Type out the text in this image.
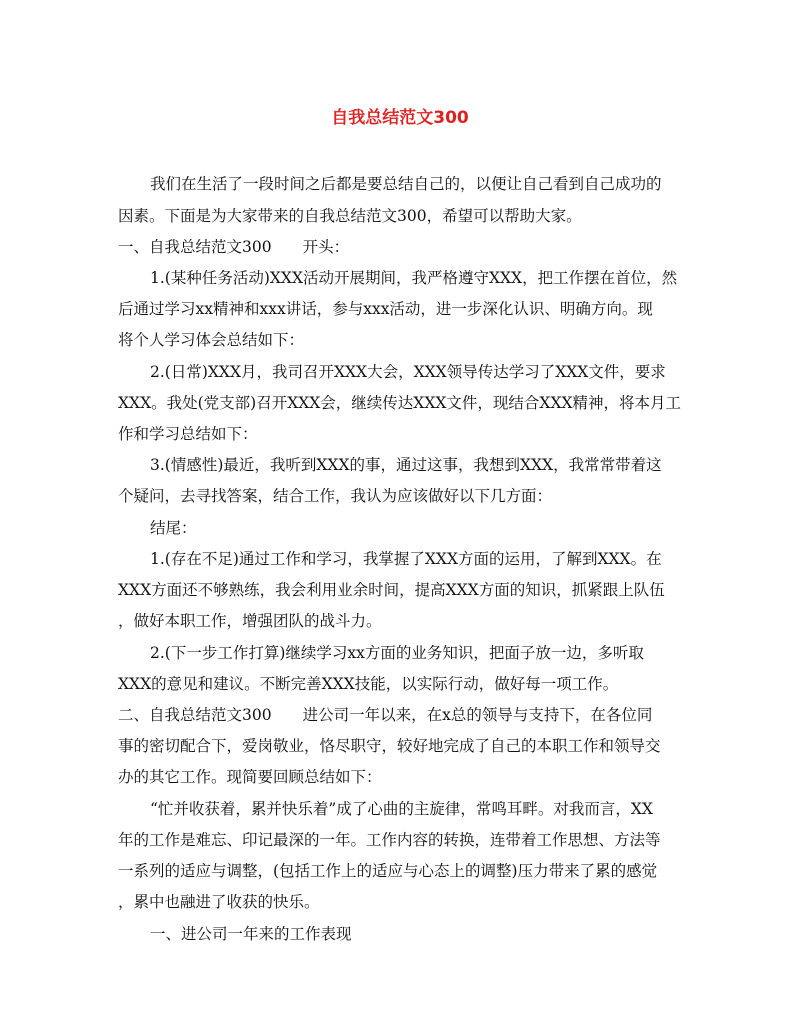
自我总结范文300

我们在生活了一段时间之后都是要总结自己的，以便让自己看到自己成功的

因素。下面是为大家带来的自我总结范文300，希望可以帮助大家。

一、自我总结范文300　　开头：

1.(某种任务活动)XXX活动开展期间，我严格遵守XXX，把工作摆在首位，然

后通过学习xx精神和xxx讲话，参与xxx活动，进一步深化认识、明确方向。现

将个人学习体会总结如下：

2.(日常)XXX月，我司召开XXX大会，XXX领导传达学习了XXX文件，要求

XXX。我处(党支部)召开XXX会，继续传达XXX文件，现结合XXX精神，将本月工

作和学习总结如下：

3.(情感性)最近，我听到XXX的事，通过这事，我想到XXX，我常常带着这

个疑问，去寻找答案，结合工作，我认为应该做好以下几方面：

结尾：

1.(存在不足)通过工作和学习，我掌握了XXX方面的运用，了解到XXX。在

XXX方面还不够熟练，我会利用业余时间，提高XXX方面的知识，抓紧跟上队伍

，做好本职工作，增强团队的战斗力。

2.(下一步工作打算)继续学习xx方面的业务知识，把面子放一边，多听取

XXX的意见和建议。不断完善XXX技能，以实际行动，做好每一项工作。

二、自我总结范文300　　进公司一年以来，在x总的领导与支持下，在各位同

事的密切配合下，爱岗敬业，恪尽职守，较好地完成了自己的本职工作和领导交

办的其它工作。现简要回顾总结如下：

“忙并收获着，累并快乐着”成了心曲的主旋律，常鸣耳畔。对我而言，XX

年的工作是难忘、印记最深的一年。工作内容的转换，连带着工作思想、方法等

一系列的适应与调整，(包括工作上的适应与心态上的调整)压力带来了累的感觉

，累中也融进了收获的快乐。

一、进公司一年来的工作表现
